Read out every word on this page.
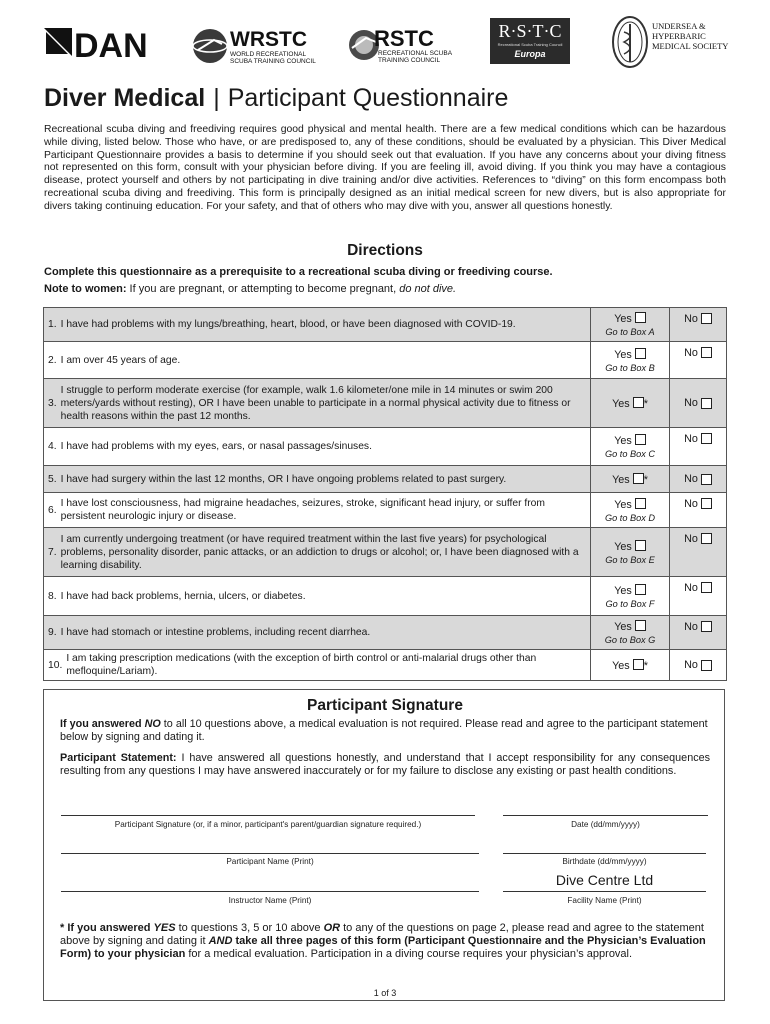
DAN	WRSTC
WORLD RECREATIONAL
SCUBA TRAINING COUNCIL
RSTC
RECREATIONAL SCUBA
TRAINING COUNCIL
R·S·T·C
Recreational Scuba Training Council
Europa
UNDERSEA &
HYPERBARIC
MEDICAL SOCIETY
Diver Medical | Participant Questionnaire
Recreational scuba diving and freediving requires good physical and mental health. There are a few medical conditions which can be hazardous while diving, listed below. Those who have, or are predisposed to, any of these conditions, should be evaluated by a physician. This Diver Medical Participant Questionnaire provides a basis to determine if you should seek out that evaluation. If you have any concerns about your diving fitness not represented on this form, consult with your physician before diving. If you are feeling ill, avoid diving. If you think you may have a contagious disease, protect yourself and others by not participating in dive training and/or dive activities. References to “diving” on this form encompass both recreational scuba diving and freediving. This form is principally designed as an initial medical screen for new divers, but is also appropriate for divers taking continuing education. For your safety, and that of others who may dive with you, answer all questions honestly.
Directions
Complete this questionnaire as a prerequisite to a recreational scuba diving or freediving course.
Note to women: If you are pregnant, or attempting to become pregnant, do not dive.
1. I have had problems with my lungs/breathing, heart, blood, or have been diagnosed with COVID-19.	Yes
Go to Box A
No
2. I am over 45 years of age.	Yes
Go to Box B
No
3.
I struggle to perform moderate exercise (for example, walk 1.6 kilometer/one mile in 14 minutes or swim 200 meters/yards without resting), OR I have been unable to participate in a normal physical activity due to fitness or health reasons within the past 12 months.
Yes *	No
4. I have had problems with my eyes, ears, or nasal passages/sinuses.	Yes
Go to Box C
No
5. I have had surgery within the last 12 months, OR I have ongoing problems related to past surgery.	Yes *	No
6.
I have lost consciousness, had migraine headaches, seizures, stroke, significant head injury, or suffer from persistent neurologic injury or disease.
Yes
Go to Box D
No
7.
I am currently undergoing treatment (or have required treatment within the last five years) for psychological problems, personality disorder, panic attacks, or an addiction to drugs or alcohol; or, I have been diagnosed with a learning disability.
Yes
Go to Box E
No
8. I have had back problems, hernia, ulcers, or diabetes.	Yes
Go to Box F
No
9. I have had stomach or intestine problems, including recent diarrhea.	Yes
Go to Box G
No
10.
I am taking prescription medications (with the exception of birth control or anti-malarial drugs other than mefloquine/Lariam).	Yes *	No
Participant Signature
If you answered NO to all 10 questions above, a medical evaluation is not required. Please read and agree to the participant statement below by signing and dating it.
Participant Statement: I have answered all questions honestly, and understand that I accept responsibility for any consequences resulting from any questions I may have answered inaccurately or for my failure to disclose any existing or past health conditions.
Participant Signature (or, if a minor, participant's parent/guardian signature required.)	Date (dd/mm/yyyy)
Participant Name (Print)	Birthdate (dd/mm/yyyy)
Instructor Name (Print)
Dive Centre Ltd
Facility Name (Print)
* If you answered YES to questions 3, 5 or 10 above OR to any of the questions on page 2, please read and agree to the statement above by signing and dating it AND take all three pages of this form (Participant Questionnaire and the Physician’s Evaluation Form) to your physician for a medical evaluation. Participation in a diving course requires your physician’s approval.
1 of 3
